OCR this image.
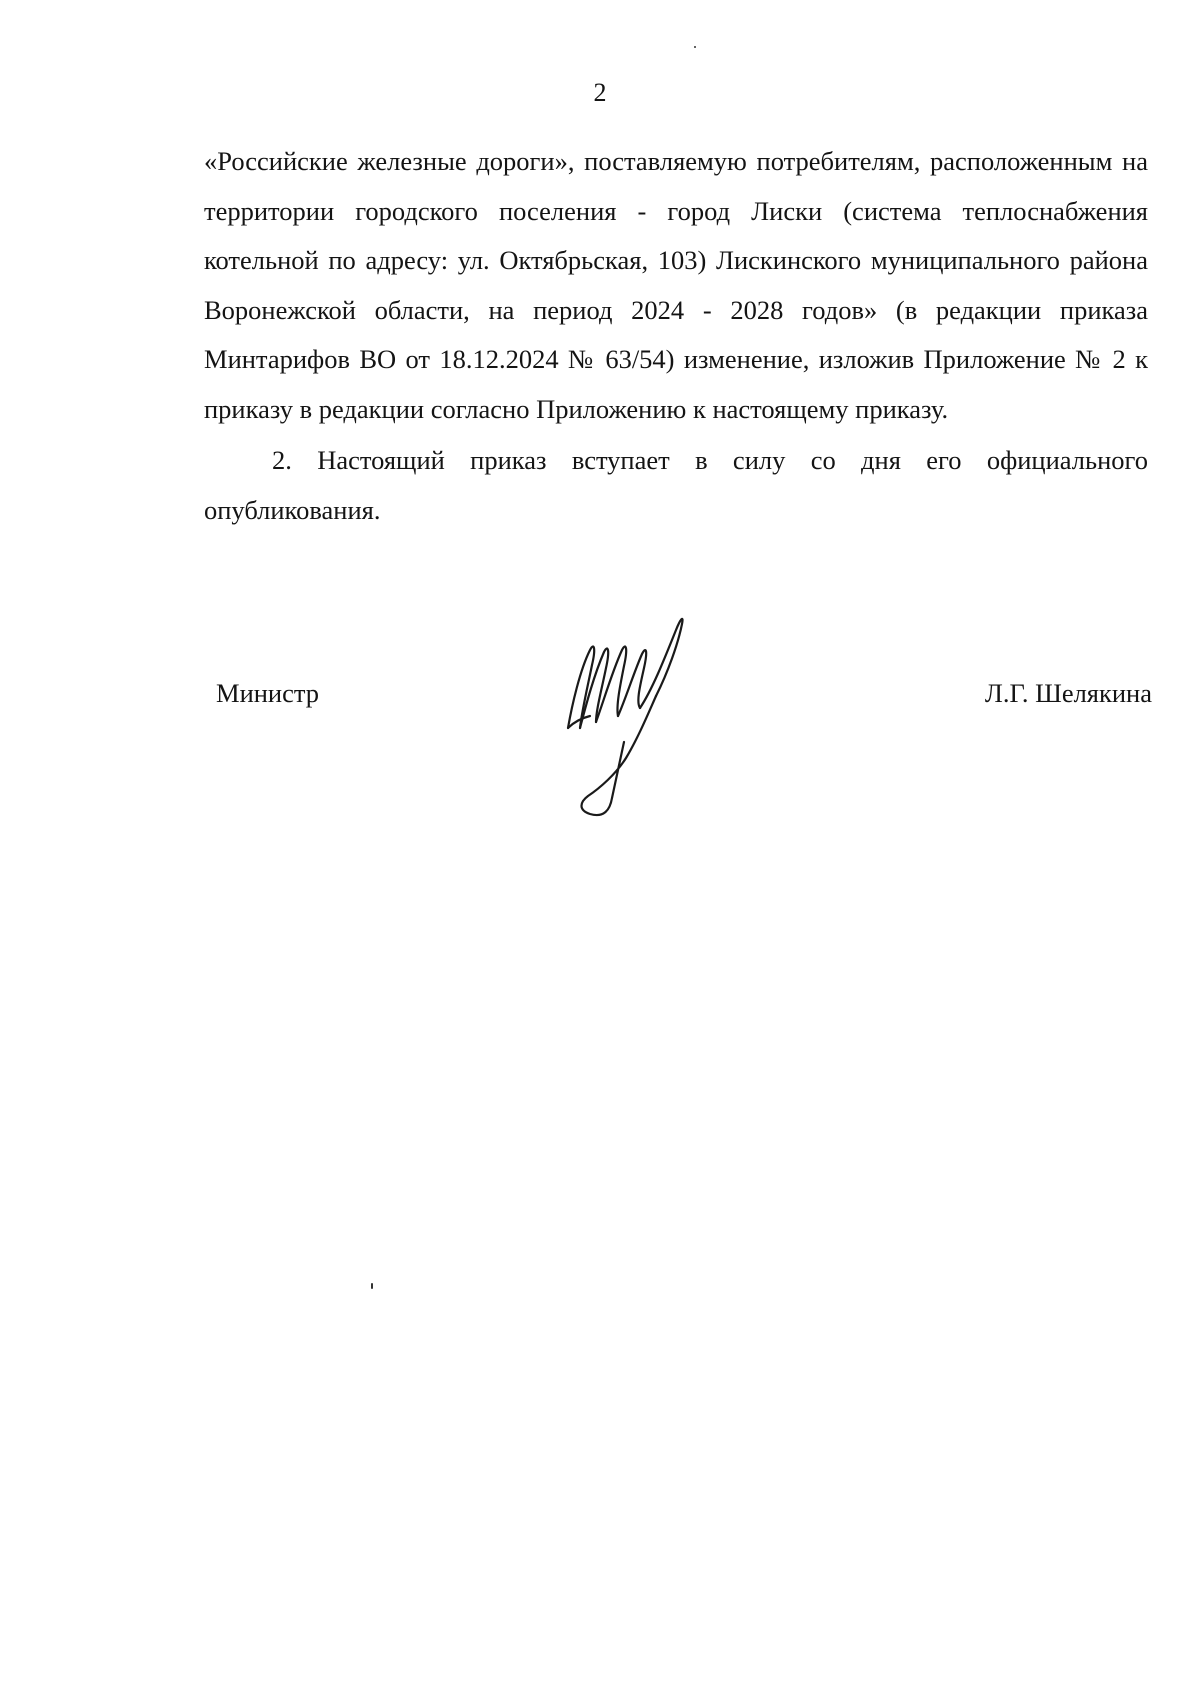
2

«Российские железные дороги», поставляемую потребителям, расположенным на территории городского поселения - город Лиски (система теплоснабжения котельной по адресу: ул. Октябрьская, 103) Лискинского муниципального района Воронежской области, на период 2024 - 2028 годов» (в редакции приказа Минтарифов ВО от 18.12.2024 № 63/54) изменение, изложив Приложение № 2 к приказу в редакции согласно Приложению к настоящему приказу.

2. Настоящий приказ вступает в силу со дня его официального опубликования.

Министр	Л.Г. Шелякина
